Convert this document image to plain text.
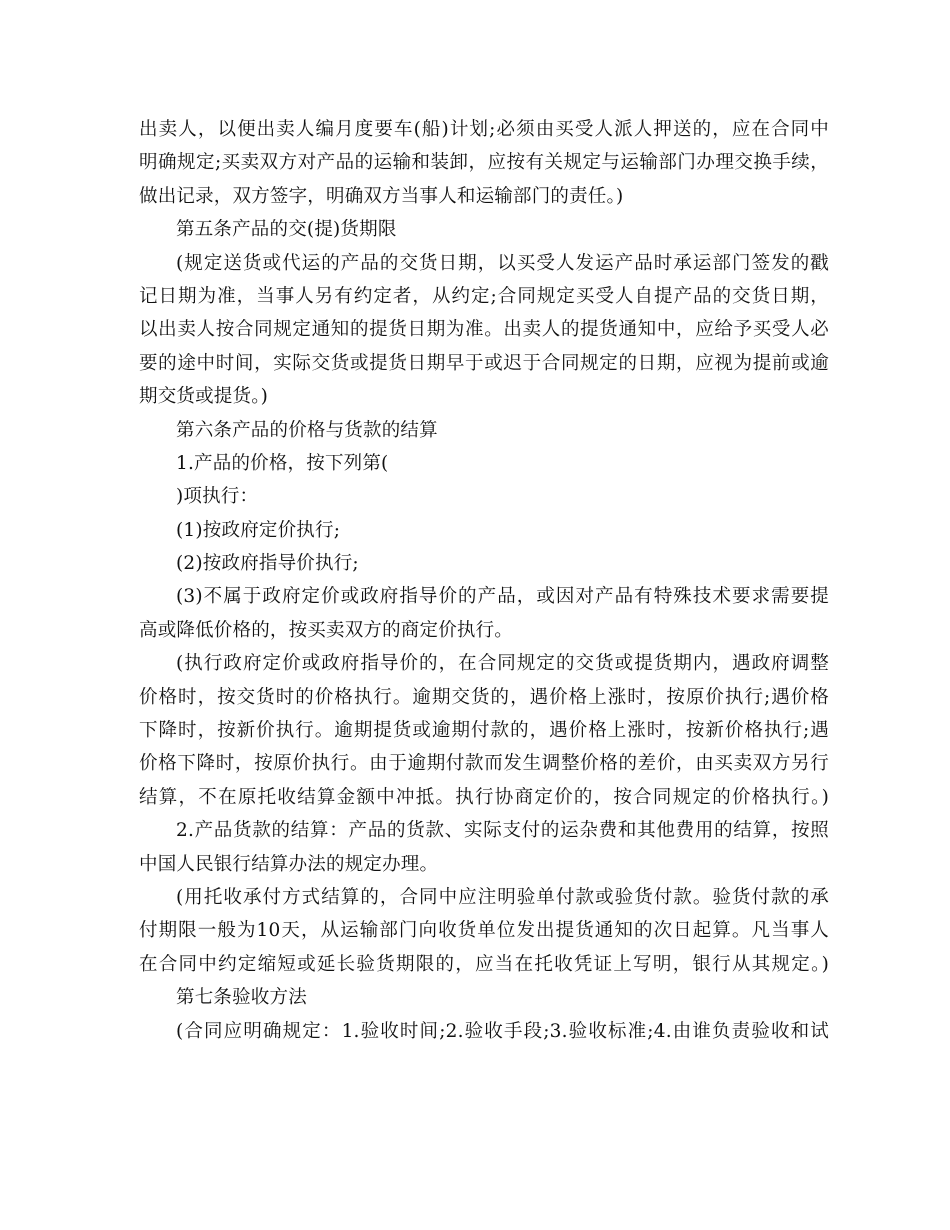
出卖人，以便出卖人编月度要车(船)计划;必须由买受人派人押送的，应在合同中
明确规定;买卖双方对产品的运输和装卸，应按有关规定与运输部门办理交换手续，
做出记录，双方签字，明确双方当事人和运输部门的责任。)
第五条产品的交(提)货期限
(规定送货或代运的产品的交货日期，以买受人发运产品时承运部门签发的戳
记日期为准，当事人另有约定者，从约定;合同规定买受人自提产品的交货日期，
以出卖人按合同规定通知的提货日期为准。出卖人的提货通知中，应给予买受人必
要的途中时间，实际交货或提货日期早于或迟于合同规定的日期，应视为提前或逾
期交货或提货。)
第六条产品的价格与货款的结算
1.产品的价格，按下列第(
)项执行：
(1)按政府定价执行;
(2)按政府指导价执行;
(3)不属于政府定价或政府指导价的产品，或因对产品有特殊技术要求需要提
高或降低价格的，按买卖双方的商定价执行。
(执行政府定价或政府指导价的，在合同规定的交货或提货期内，遇政府调整
价格时，按交货时的价格执行。逾期交货的，遇价格上涨时，按原价执行;遇价格
下降时，按新价执行。逾期提货或逾期付款的，遇价格上涨时，按新价格执行;遇
价格下降时，按原价执行。由于逾期付款而发生调整价格的差价，由买卖双方另行
结算，不在原托收结算金额中冲抵。执行协商定价的，按合同规定的价格执行。)
2.产品货款的结算：产品的货款、实际支付的运杂费和其他费用的结算，按照
中国人民银行结算办法的规定办理。
(用托收承付方式结算的，合同中应注明验单付款或验货付款。验货付款的承
付期限一般为10天，从运输部门向收货单位发出提货通知的次日起算。凡当事人
在合同中约定缩短或延长验货期限的，应当在托收凭证上写明，银行从其规定。)
第七条验收方法
(合同应明确规定：1.验收时间;2.验收手段;3.验收标准;4.由谁负责验收和试
